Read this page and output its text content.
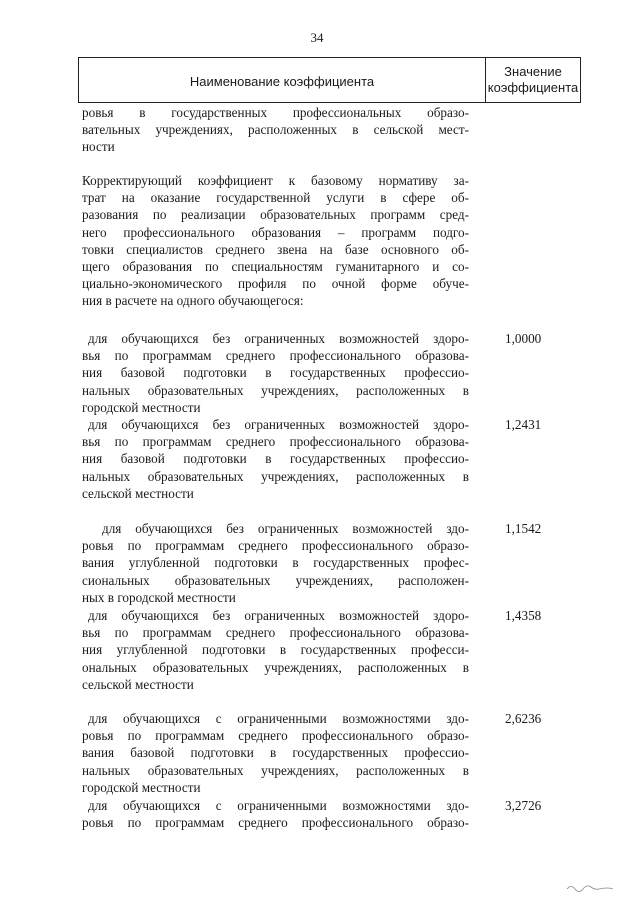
34
Наименование коэффициента
Значение
коэффициента
ровья в государственных профессиональных образо-
вательных учреждениях, расположенных в сельской мест-
ности
Корректирующий коэффициент к базовому нормативу за-
трат на оказание государственной услуги в сфере об-
разования по реализации образовательных программ сред-
него профессионального образования – программ подго-
товки специалистов среднего звена на базе основного об-
щего образования по специальностям гуманитарного и со-
циально-экономического профиля по очной форме обуче-
ния в расчете на одного обучающегося:
для обучающихся без ограниченных возможностей здоро-
вья по программам среднего профессионального образова-
ния базовой подготовки в государственных профессио-
нальных образовательных учреждениях, расположенных в
городской местности
1,0000
для обучающихся без ограниченных возможностей здоро-
вья по программам среднего профессионального образова-
ния базовой подготовки в государственных профессио-
нальных образовательных учреждениях, расположенных в
сельской местности
1,2431
для обучающихся без ограниченных возможностей здо-
ровья по программам среднего профессионального образо-
вания углубленной подготовки в государственных профес-
сиональных образовательных учреждениях, расположен-
ных в городской местности
1,1542
для обучающихся без ограниченных возможностей здоро-
вья по программам среднего профессионального образова-
ния углубленной подготовки в государственных професси-
ональных образовательных учреждениях, расположенных в
сельской местности
1,4358
для обучающихся с ограниченными возможностями здо-
ровья по программам среднего профессионального образо-
вания базовой подготовки в государственных профессио-
нальных образовательных учреждениях, расположенных в
городской местности
2,6236
для обучающихся с ограниченными возможностями здо-
ровья по программам среднего профессионального образо-
3,2726
